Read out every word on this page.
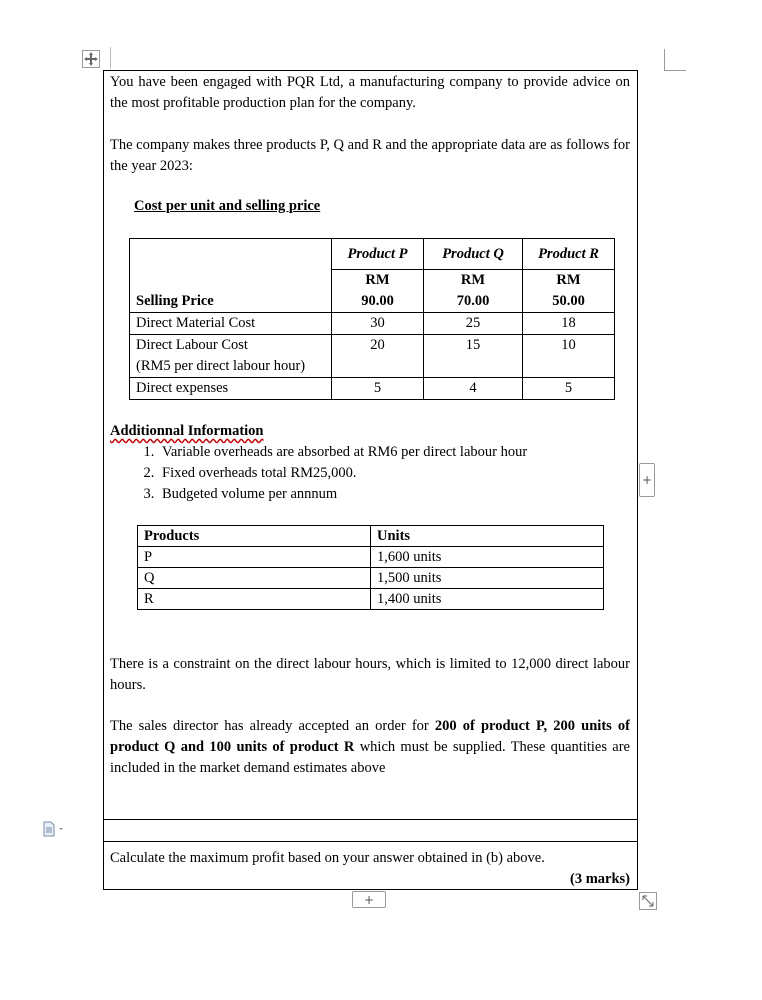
You have been engaged with PQR Ltd, a manufacturing company to provide advice on the most profitable production plan for the company.
The company makes three products P, Q and R and the appropriate data are as follows for the year 2023:
Cost per unit and selling price
	Product P	Product Q	Product R
	RM	RM	RM
Selling Price	90.00	70.00	50.00
Direct Material Cost	30	25	18
Direct Labour Cost	20	15	10
(RM5 per direct labour hour)			
Direct expenses	5	4	5
Additionnal Information
1. Variable overheads are absorbed at RM6 per direct labour hour
2. Fixed overheads total RM25,000.
3. Budgeted volume per annnum
Products	Units
P	1,600 units
Q	1,500 units
R	1,400 units
There is a constraint on the direct labour hours, which is limited to 12,000 direct labour hours.
The sales director has already accepted an order for 200 of product P, 200 units of product Q and 100 units of product R which must be supplied. These quantities are included in the market demand estimates above
Calculate the maximum profit based on your answer obtained in (b) above.
(3 marks)
+
+
